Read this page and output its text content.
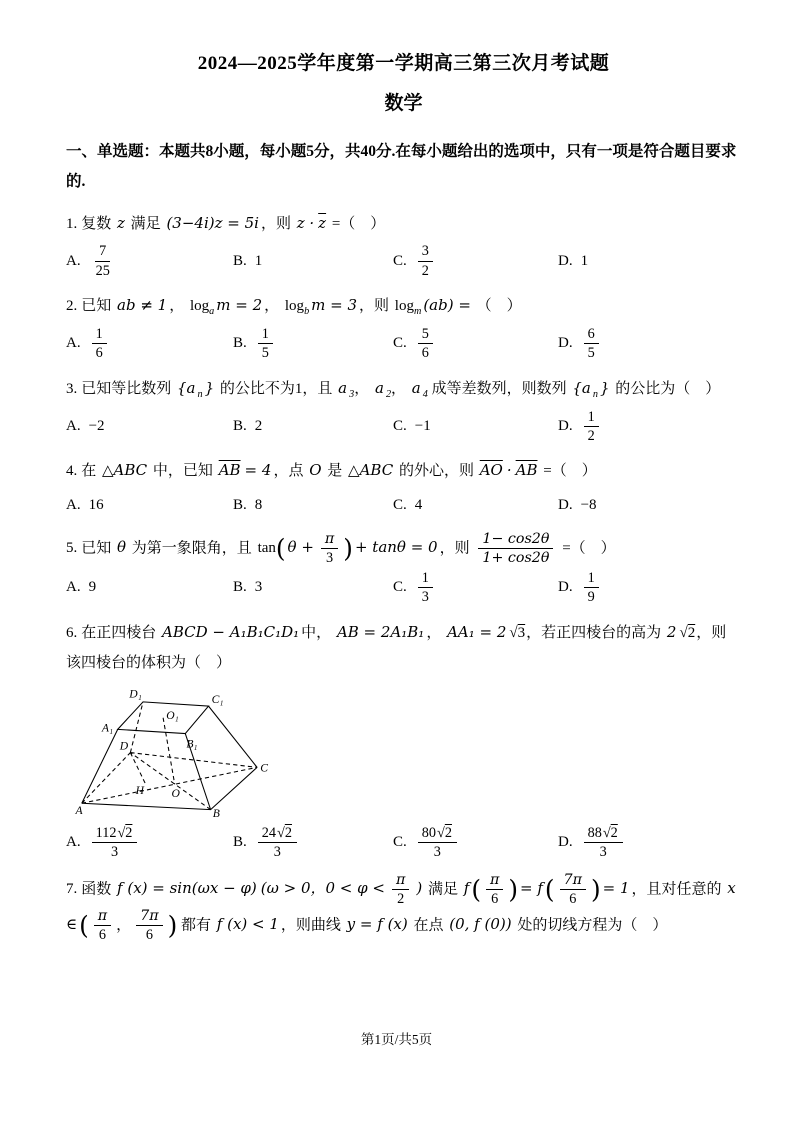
2024—2025学年度第一学期高三第三次月考试题
数学

一、单选题：本题共8小题，每小题5分，共40分.在每小题给出的选项中，只有一项是符合题目要求的.

1. 复数 z 满足 (3−4i)z = 5i ，则 $z \cdot \overline{z}$ =（　）

A. $\frac{7}{25}$	B. 1	C. $\frac{3}{2}$	D. 1

2. 已知 ab ≠ 1 ， $\log_a m = 2$ ， $\log_b m = 3$ ，则 $\log_m (ab)$ = （　）

A. $\frac{1}{6}$	B. $\frac{1}{5}$	C. $\frac{5}{6}$	D. $\frac{6}{5}$

3. 已知等比数列 {a $_n$ } 的公比不为1，且 a $_3$， a $_2$， a $_4$ 成等差数列，则数列 {a $_n$ } 的公比为（　）

A. −2	B. 2	C. −1	D. $\frac{1}{2}$

4. 在 △ABC 中，已知 $\overline{AB} = 4$ ，点 O 是 △ABC 的外心，则 $\overline{AO} \cdot \overline{AB}$ =（　）

A. 16	B. 8	C. 4	D. −8

5. 已知 θ 为第一象限角，且 tan( $\theta + \frac{\pi}{3}$ ) + tanθ = 0 ，则 $\frac{1- \cos 2\theta}{1+ \cos 2\theta}$ =（　）

A. 9	B. 3	C. $\frac{1}{3}$	D. $\frac{1}{9}$

6. 在正四棱台 ABCD − A₁B₁C₁D₁ 中， AB = 2A₁B₁ ， AA₁ = 2 √3，若正四棱台的高为 2 √2，则该四棱台的体积为（　）

A	B
C
D
A₁
B₁
C₁
D₁
O
O₁
H
A. $\frac{112√2}{3}$	B. $\frac{24√2}{3}$	C. $\frac{80√2}{3}$	D. $\frac{88√2}{3}$

7. 函数 f (x) = sin(ωx − φ) (ω > 0，$0 < \varphi < \frac{\pi}{2}$ ) 满足 $f( \frac{\pi}{6}$ ) = $f( \frac{7\pi}{6}$ ) = 1 ，且对任意的 x ∈( $\frac{\pi}{6}$ ， $\frac{7\pi}{6}$ ) 都有 f (x) < 1 ，则曲线 y = f (x) 在点 (0, f (0)) 处的切线方程为（　）

第1页/共5页
